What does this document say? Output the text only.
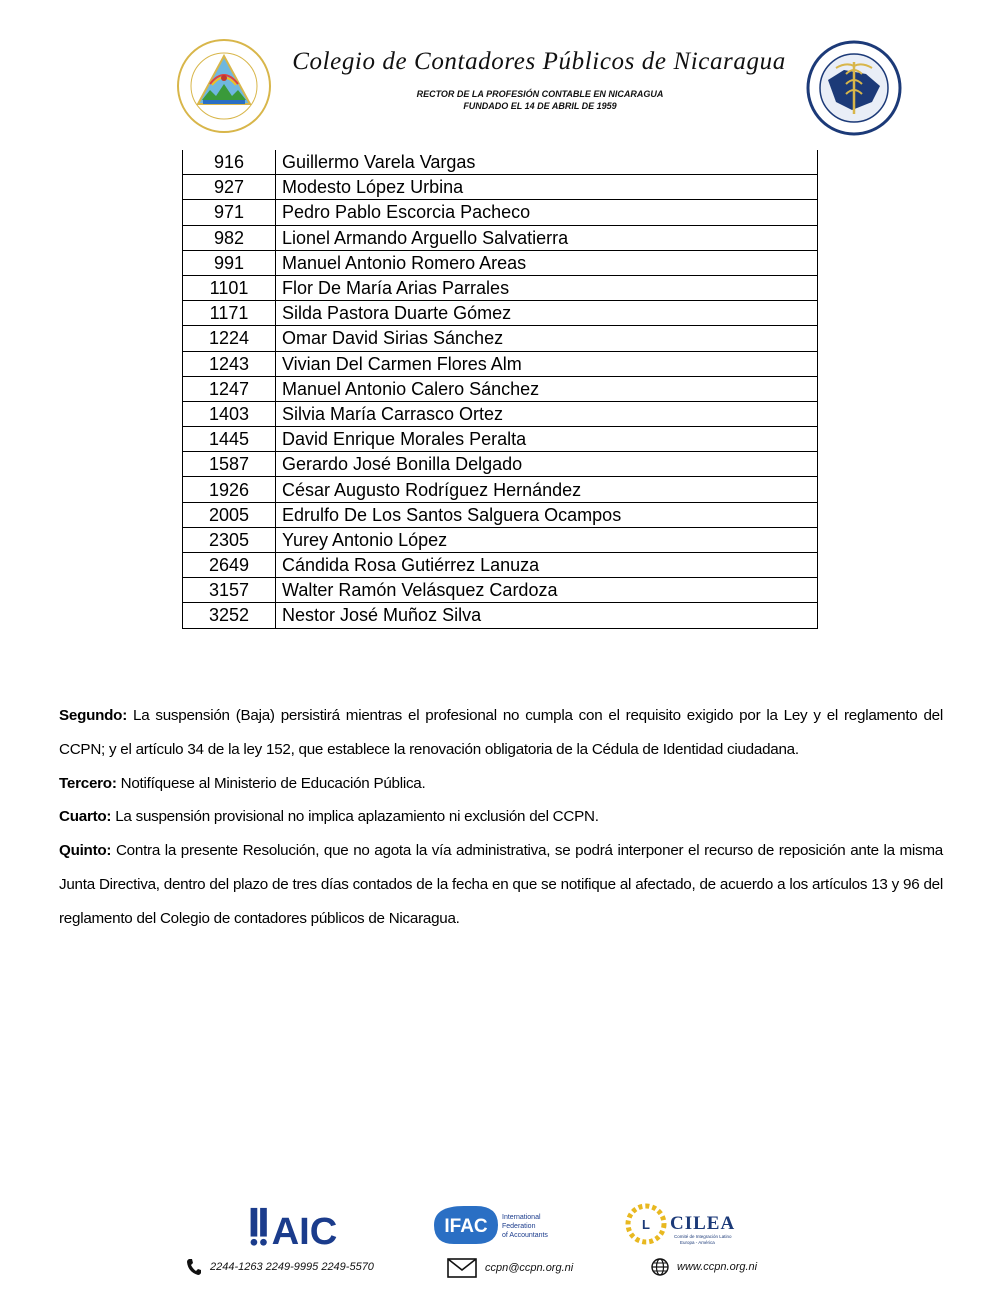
Colegio de Contadores Públicos de Nicaragua
RECTOR DE LA PROFESIÓN CONTABLE EN NICARAGUA
FUNDADO EL 14 DE ABRIL DE 1959
916	Guillermo Varela Vargas
927	Modesto López Urbina
971	Pedro Pablo Escorcia Pacheco
982	Lionel Armando Arguello Salvatierra
991	Manuel Antonio Romero Areas
1101	Flor De María Arias Parrales
1171	Silda Pastora Duarte Gómez
1224	Omar David Sirias Sánchez
1243	Vivian Del Carmen Flores Alm
1247	Manuel Antonio Calero Sánchez
1403	Silvia María Carrasco Ortez
1445	David Enrique Morales Peralta
1587	Gerardo José Bonilla Delgado
1926	César Augusto Rodríguez Hernández
2005	Edrulfo De Los Santos Salguera Ocampos
2305	Yurey Antonio López
2649	Cándida Rosa Gutiérrez Lanuza
3157	Walter Ramón Velásquez Cardoza
3252	Nestor José Muñoz Silva

Segundo: La suspensión (Baja) persistirá mientras el profesional no cumpla con el requisito exigido por la Ley y el reglamento del CCPN; y el artículo 34 de la ley 152, que establece la renovación obligatoria de la Cédula de Identidad ciudadana.

Tercero: Notifíquese al Ministerio de Educación Pública.

Cuarto: La suspensión provisional no implica aplazamiento ni exclusión del CCPN.

Quinto: Contra la presente Resolución, que no agota la vía administrativa, se podrá interponer el recurso de reposición ante la misma Junta Directiva, dentro del plazo de tres días contados de la fecha en que se notifique al afectado, de acuerdo a los artículos 13 y 96 del reglamento del Colegio de contadores públicos de Nicaragua.

AIC	IFAC International
Federation
of Accountants
L CILEA
Comité de Integración Latino
Europa - América
2244-1263 2249-9995 2249-5570	ccpn@ccpn.org.ni	www.ccpn.org.ni
